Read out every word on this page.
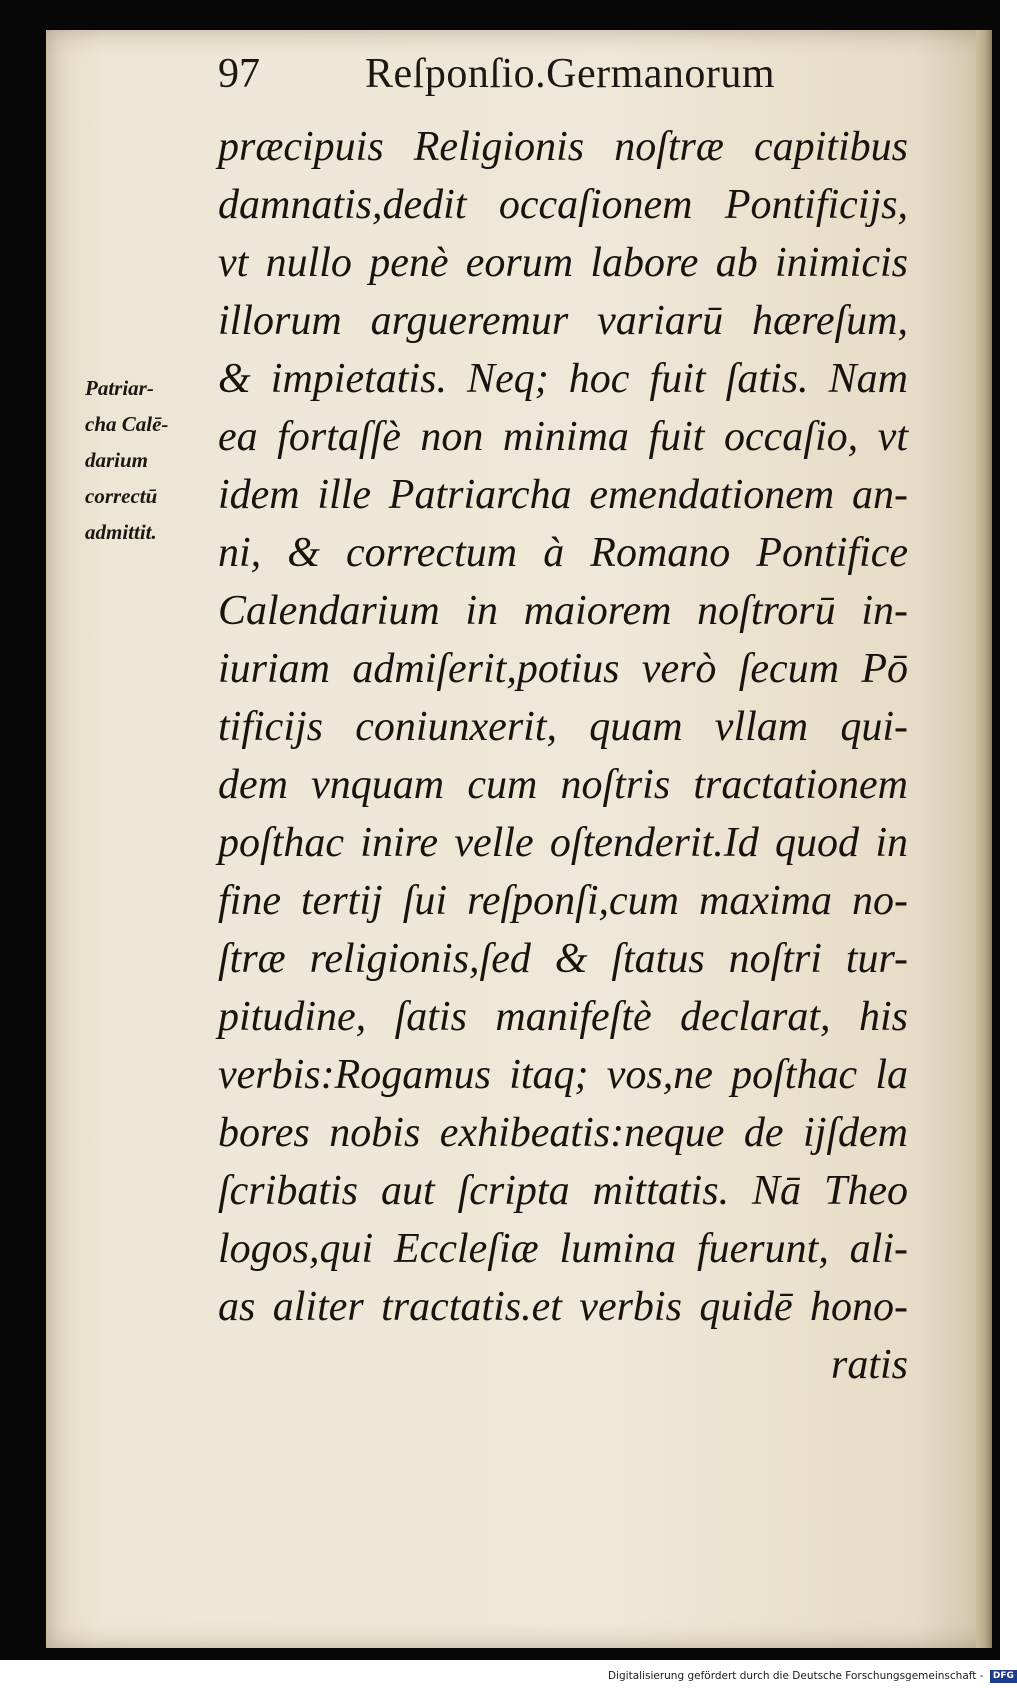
97	Reſponſio.Germanorum
Patriar-
cha Calē-
darium
correctū
admittit.
præcipuis Religionis noſtræ capitibus
damnatis,dedit occaſionem Pontificijs,
vt nullo penè eorum labore ab inimicis
illorum argueremur variarū hæreſum,
& impietatis. Neq; hoc fuit ſatis. Nam
ea fortaſſè non minima fuit occaſio, vt
idem ille Patriarcha emendationem an-
ni, & correctum à Romano Pontifice
Calendarium in maiorem noſtrorū in-
iuriam admiſerit,potius verò ſecum Pō
tificijs coniunxerit, quam vllam qui-
dem vnquam cum noſtris tractationem
poſthac inire velle oſtenderit.Id quod in
fine tertij ſui reſponſi,cum maxima no-
ſtræ religionis,ſed & ſtatus noſtri tur-
pitudine, ſatis manifeſtè declarat, his
verbis:Rogamus itaq; vos,ne poſthac la
bores nobis exhibeatis:neque de ijſdem
ſcribatis aut ſcripta mittatis. Nā Theo
logos,qui Eccleſiæ lumina fuerunt, ali-
as aliter tractatis.et verbis quidē hono-
ratis
Digitalisierung gefördert durch die Deutsche Forschungsgemeinschaft - DFG
